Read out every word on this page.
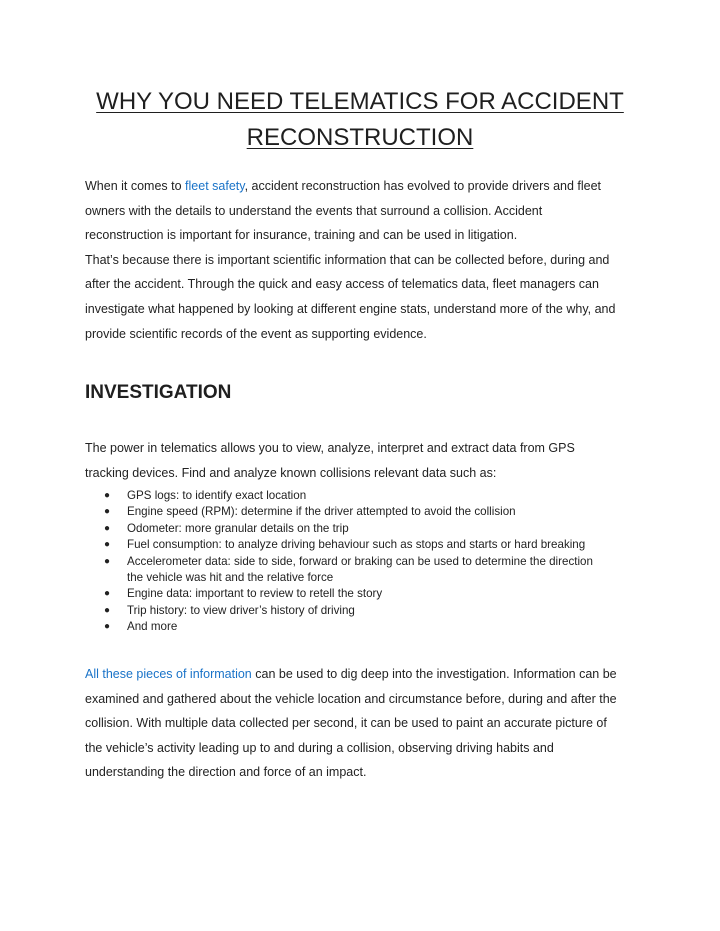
WHY YOU NEED TELEMATICS FOR ACCIDENT
RECONSTRUCTION

When it comes to fleet safety, accident reconstruction has evolved to provide drivers and fleet
owners with the details to understand the events that surround a collision. Accident
reconstruction is important for insurance, training and can be used in litigation.
That’s because there is important scientific information that can be collected before, during and
after the accident. Through the quick and easy access of telematics data, fleet managers can
investigate what happened by looking at different engine stats, understand more of the why, and
provide scientific records of the event as supporting evidence.

INVESTIGATION

The power in telematics allows you to view, analyze, interpret and extract data from GPS
tracking devices. Find and analyze known collisions relevant data such as:

● GPS logs: to identify exact location
● Engine speed (RPM): determine if the driver attempted to avoid the collision
● Odometer: more granular details on the trip
● Fuel consumption: to analyze driving behaviour such as stops and starts or hard breaking
● Accelerometer data: side to side, forward or braking can be used to determine the direction
the vehicle was hit and the relative force
● Engine data: important to review to retell the story
● Trip history: to view driver’s history of driving
● And more

All these pieces of information can be used to dig deep into the investigation. Information can be
examined and gathered about the vehicle location and circumstance before, during and after the
collision. With multiple data collected per second, it can be used to paint an accurate picture of
the vehicle’s activity leading up to and during a collision, observing driving habits and
understanding the direction and force of an impact.
